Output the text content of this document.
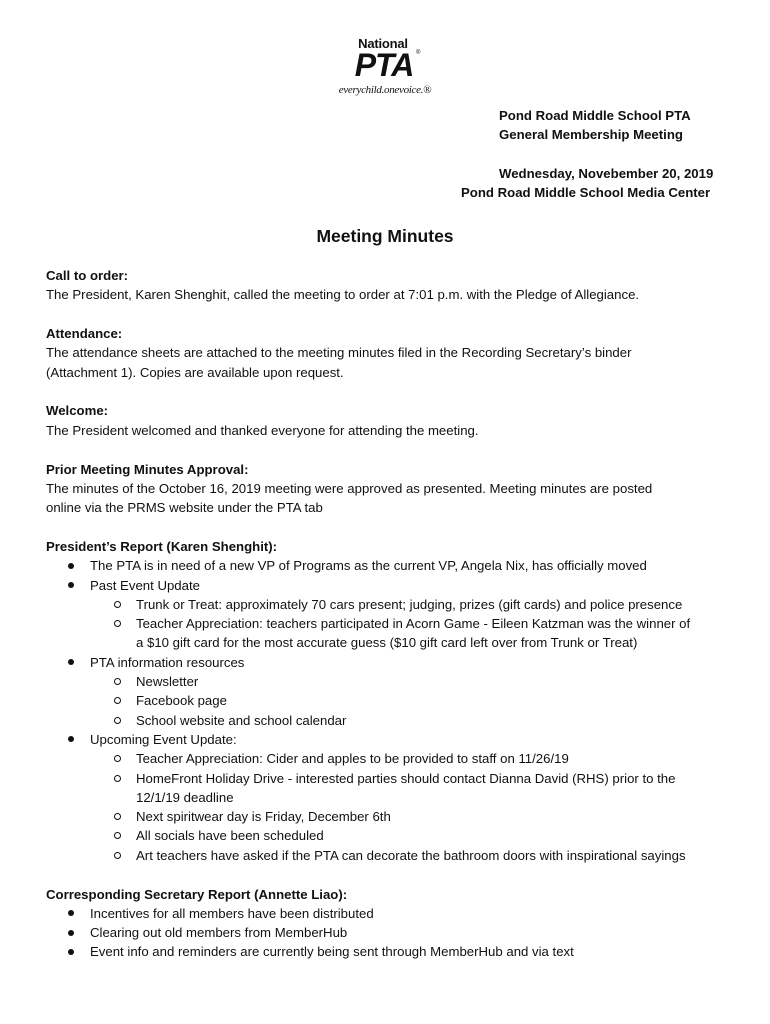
National
PTA ®
everychild.onevoice.®
Pond Road Middle School PTA
General Membership Meeting
Wednesday, Novebember 20, 2019
Pond Road Middle School Media Center
Meeting Minutes
Call to order:
The President, Karen Shenghit, called the meeting to order at 7:01 p.m. with the Pledge of Allegiance.
Attendance:
The attendance sheets are attached to the meeting minutes filed in the Recording Secretary’s binder
(Attachment 1). Copies are available upon request.
Welcome:
The President welcomed and thanked everyone for attending the meeting.
Prior Meeting Minutes Approval:
The minutes of the October 16, 2019 meeting were approved as presented. Meeting minutes are posted
online via the PRMS website under the PTA tab
President’s Report (Karen Shenghit):
The PTA is in need of a new VP of Programs as the current VP, Angela Nix, has officially moved
Past Event Update
Trunk or Treat: approximately 70 cars present; judging, prizes (gift cards) and police presence
Teacher Appreciation: teachers participated in Acorn Game - Eileen Katzman was the winner of
a $10 gift card for the most accurate guess ($10 gift card left over from Trunk or Treat)
PTA information resources
Newsletter
Facebook page
School website and school calendar
Upcoming Event Update:
Teacher Appreciation: Cider and apples to be provided to staff on 11/26/19
HomeFront Holiday Drive - interested parties should contact Dianna David (RHS) prior to the
12/1/19 deadline
Next spiritwear day is Friday, December 6th
All socials have been scheduled
Art teachers have asked if the PTA can decorate the bathroom doors with inspirational sayings
Corresponding Secretary Report (Annette Liao):
Incentives for all members have been distributed
Clearing out old members from MemberHub
Event info and reminders are currently being sent through MemberHub and via text
